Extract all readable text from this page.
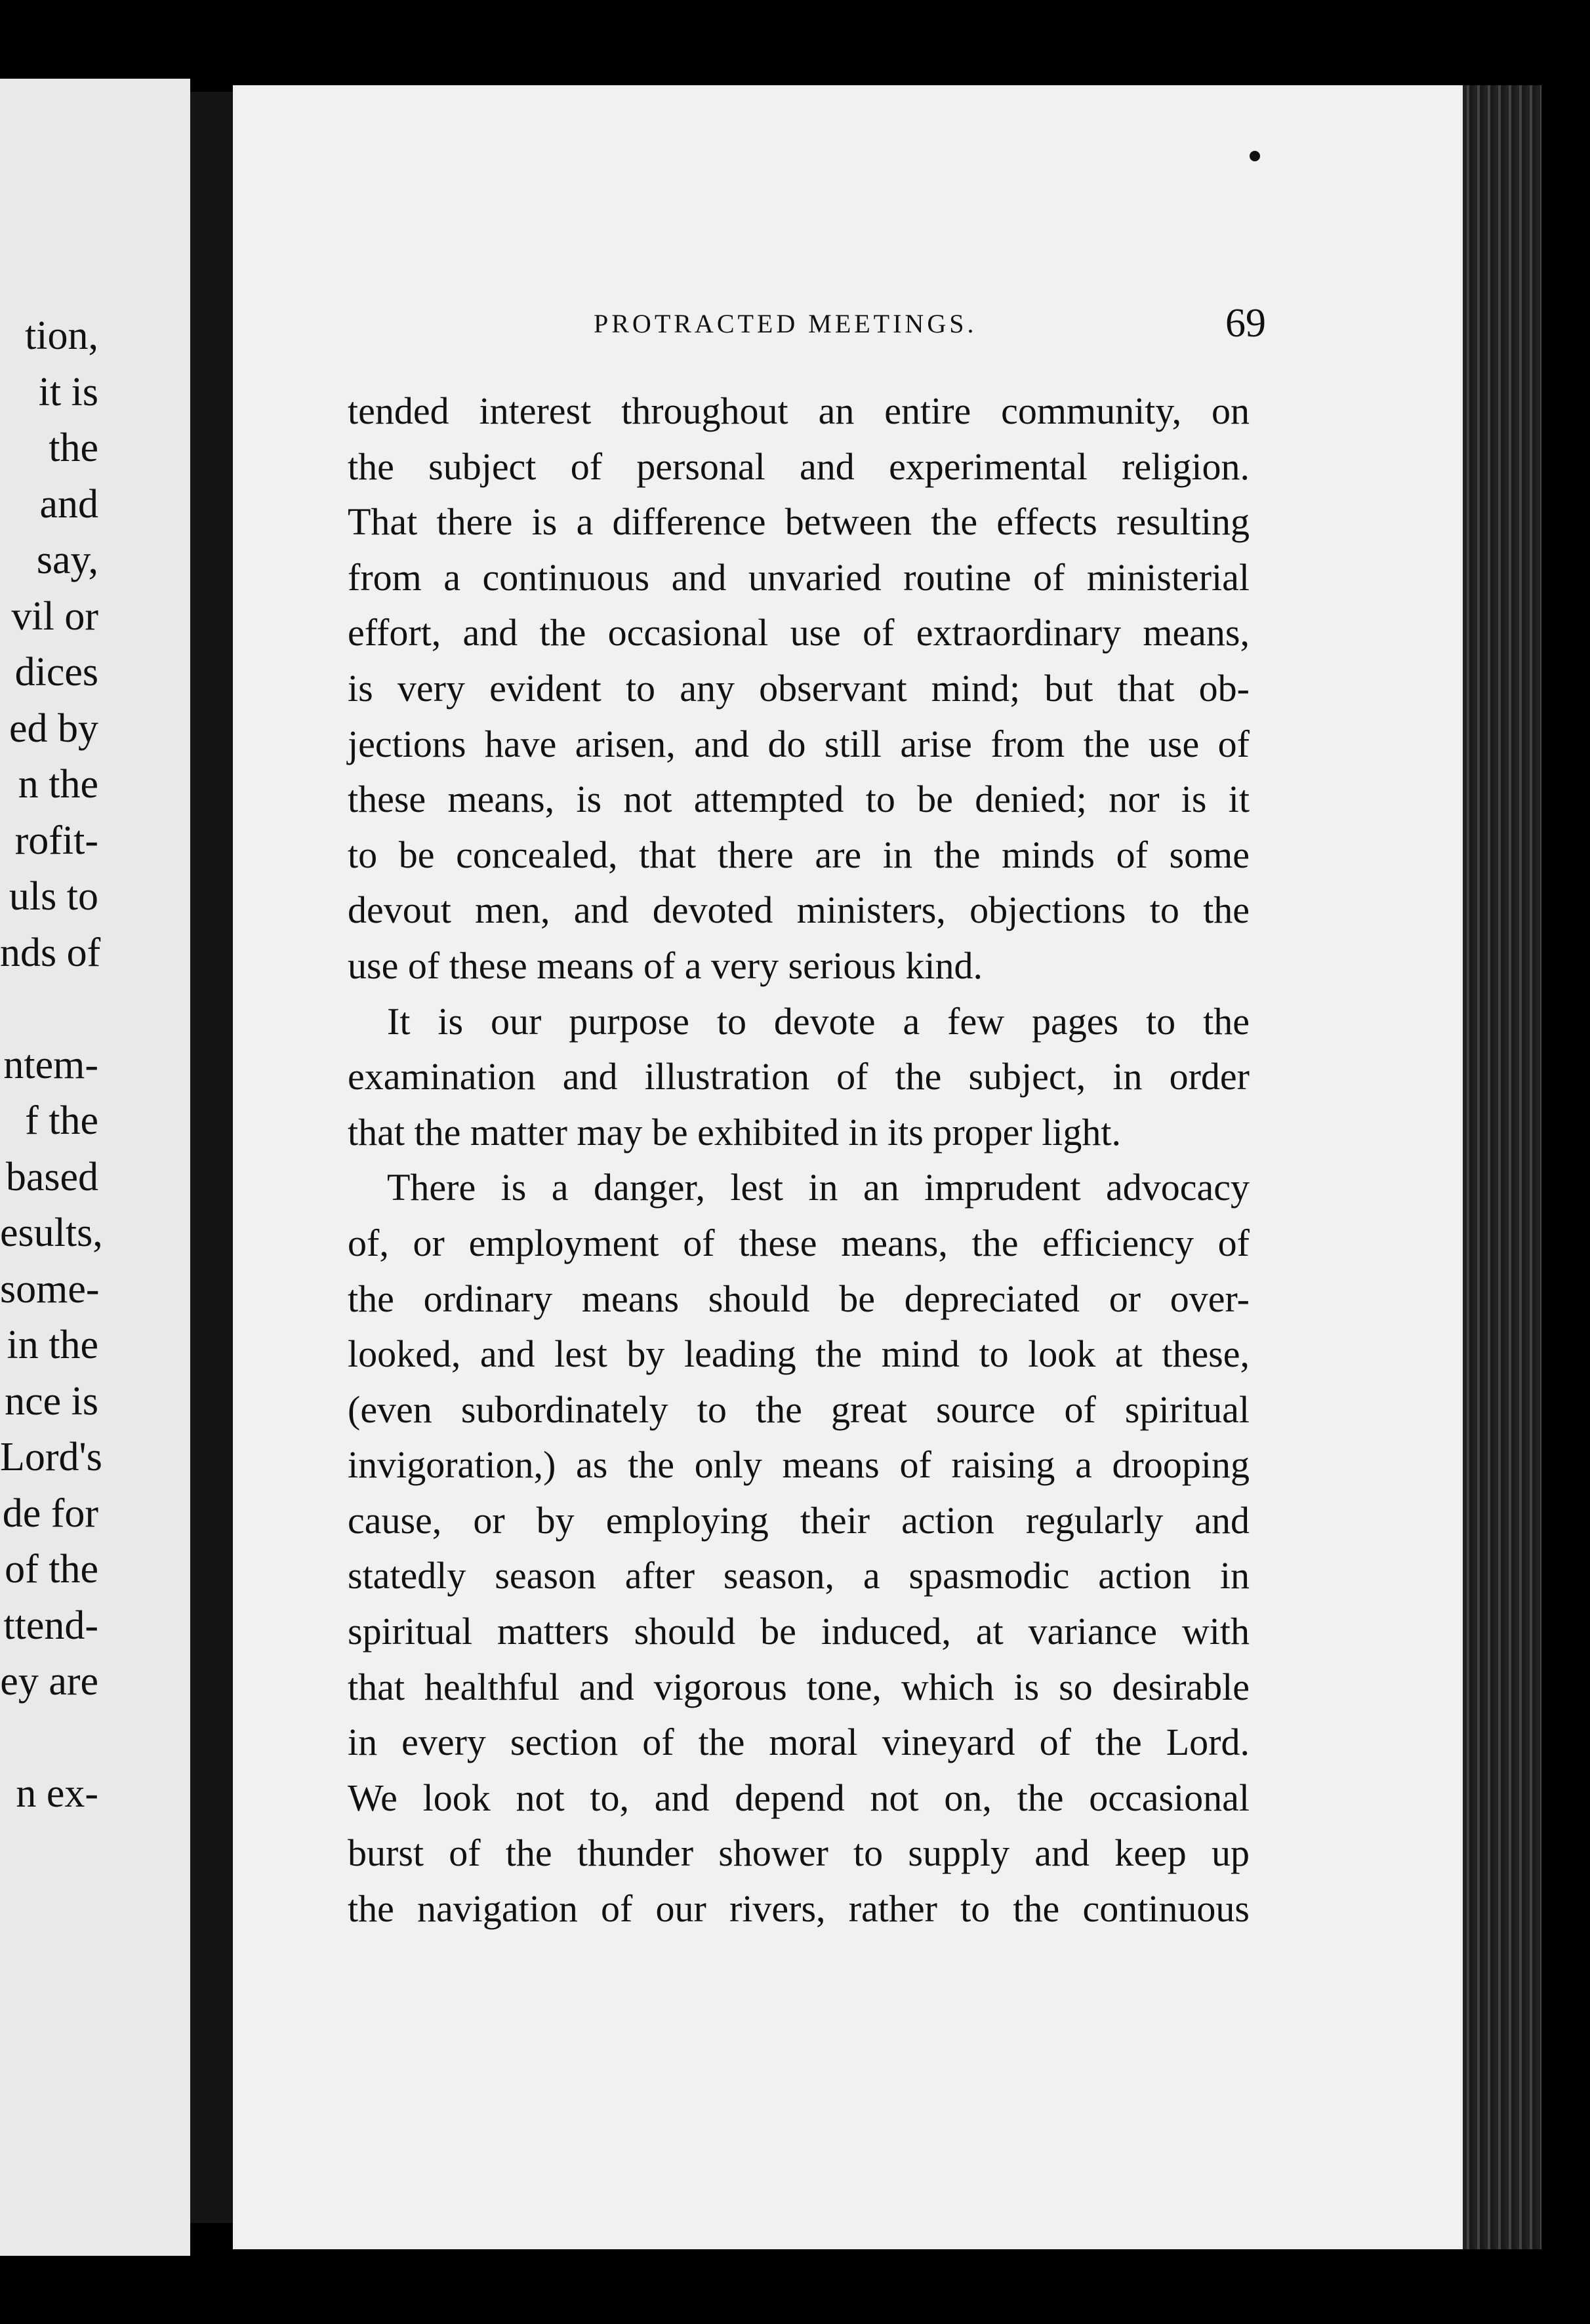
tion,
it is
the
and
say,
vil or
dices
ed by
n the
rofit-
uls to
nds of
ntem-
f the
based
esults,
some-
in the
nce is
Lord's
de for
of the
ttend-
ey are
n ex-
PROTRACTED MEETINGS.	69
tended interest throughout an entire community, on
the subject of personal and experimental religion.
That there is a difference between the effects resulting
from a continuous and unvaried routine of ministerial
effort, and the occasional use of extraordinary means,
is very evident to any observant mind; but that ob-
jections have arisen, and do still arise from the use of
these means, is not attempted to be denied; nor is it
to be concealed, that there are in the minds of some
devout men, and devoted ministers, objections to the
use of these means of a very serious kind.
It is our purpose to devote a few pages to the
examination and illustration of the subject, in order
that the matter may be exhibited in its proper light.
There is a danger, lest in an imprudent advocacy
of, or employment of these means, the efficiency of
the ordinary means should be depreciated or over-
looked, and lest by leading the mind to look at these,
(even subordinately to the great source of spiritual
invigoration,) as the only means of raising a drooping
cause, or by employing their action regularly and
statedly season after season, a spasmodic action in
spiritual matters should be induced, at variance with
that healthful and vigorous tone, which is so desirable
in every section of the moral vineyard of the Lord.
We look not to, and depend not on, the occasional
burst of the thunder shower to supply and keep up
the navigation of our rivers, rather to the continuous
